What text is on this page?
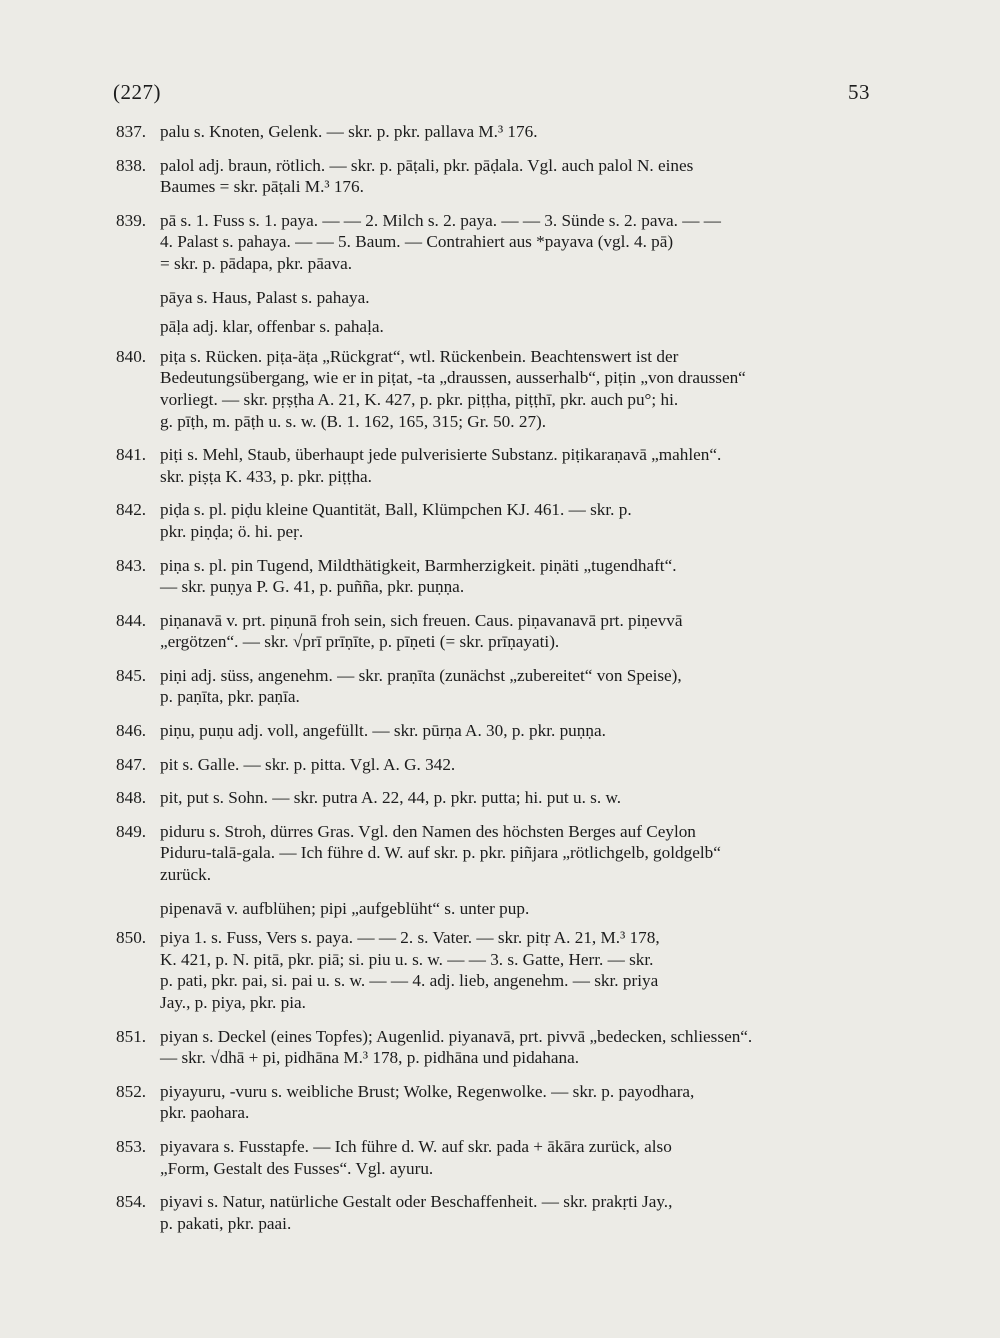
(227)	53
837. palu s. Knoten, Gelenk. — skr. p. pkr. pallava M.³ 176.
838. palol adj. braun, rötlich. — skr. p. pāṭali, pkr. pāḍala. Vgl. auch palol N. eines
Baumes = skr. pāṭali M.³ 176.
839. pā s. 1. Fuss s. 1. paya. — — 2. Milch s. 2. paya. — — 3. Sünde s. 2. pava. — —
4. Palast s. pahaya. — — 5. Baum. — Contrahiert aus *payava (vgl. 4. pā)
= skr. p. pādapa, pkr. pāava.
pāya s. Haus, Palast s. pahaya.
pāḷa adj. klar, offenbar s. pahaḷa.
840. piṭa s. Rücken. piṭa-äṭa „Rückgrat“, wtl. Rückenbein. Beachtenswert ist der
Bedeutungsübergang, wie er in piṭat, -ta „draussen, ausserhalb“, piṭin „von draussen“
vorliegt. — skr. pṛṣṭha A. 21, K. 427, p. pkr. piṭṭha, piṭṭhī, pkr. auch pu°; hi.
g. pīṭh, m. pāṭh u. s. w. (B. 1. 162, 165, 315; Gr. 50. 27).
841. piṭi s. Mehl, Staub, überhaupt jede pulverisierte Substanz. piṭikaraṇavā „mahlen“.
skr. piṣṭa K. 433, p. pkr. piṭṭha.
842. piḍa s. pl. piḍu kleine Quantität, Ball, Klümpchen KJ. 461. — skr. p.
pkr. piṇḍa; ö. hi. peṛ.
843. piṇa s. pl. pin Tugend, Mildthätigkeit, Barmherzigkeit. piṇäti „tugendhaft“.
— skr. puṇya P. G. 41, p. puñña, pkr. puṇṇa.
844. piṇanavā v. prt. piṇunā froh sein, sich freuen. Caus. piṇavanavā prt. piṇevvā
„ergötzen“. — skr. √prī prīṇīte, p. pīṇeti (= skr. prīṇayati).
845. piṇi adj. süss, angenehm. — skr. praṇīta (zunächst „zubereitet“ von Speise),
p. paṇīta, pkr. paṇīa.
846. piṇu, puṇu adj. voll, angefüllt. — skr. pūrṇa A. 30, p. pkr. puṇṇa.
847. pit s. Galle. — skr. p. pitta. Vgl. A. G. 342.
848. pit, put s. Sohn. — skr. putra A. 22, 44, p. pkr. putta; hi. put u. s. w.
849. piduru s. Stroh, dürres Gras. Vgl. den Namen des höchsten Berges auf Ceylon
Piduru-talā-gala. — Ich führe d. W. auf skr. p. pkr. piñjara „rötlichgelb, goldgelb“
zurück.
pipenavā v. aufblühen; pipi „aufgeblüht“ s. unter pup.
850. piya 1. s. Fuss, Vers s. paya. — — 2. s. Vater. — skr. pitṛ A. 21, M.³ 178,
K. 421, p. N. pitā, pkr. piā; si. piu u. s. w. — — 3. s. Gatte, Herr. — skr.
p. pati, pkr. pai, si. pai u. s. w. — — 4. adj. lieb, angenehm. — skr. priya
Jay., p. piya, pkr. pia.
851. piyan s. Deckel (eines Topfes); Augenlid. piyanavā, prt. pivvā „bedecken, schliessen“.
— skr. √dhā + pi, pidhāna M.³ 178, p. pidhāna und pidahana.
852. piyayuru, -vuru s. weibliche Brust; Wolke, Regenwolke. — skr. p. payodhara,
pkr. paohara.
853. piyavara s. Fusstapfe. — Ich führe d. W. auf skr. pada + ākāra zurück, also
„Form, Gestalt des Fusses“. Vgl. ayuru.
854. piyavi s. Natur, natürliche Gestalt oder Beschaffenheit. — skr. prakṛti Jay.,
p. pakati, pkr. paai.
